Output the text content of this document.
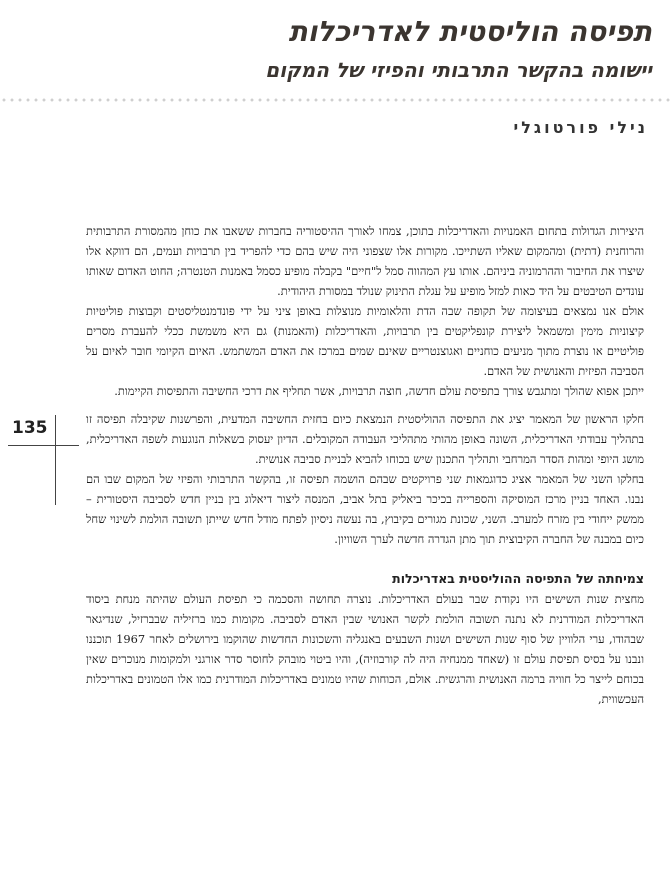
תפיסה הוליסטית לאדריכלות
יישומה בהקשר התרבותי והפיזי של המקום
נילי פורטוגלי
135

היצירות הגדולות בתחום האמנויות והאדריכלות בתוכן, צמחו לאורך ההיסטוריה בחברות ששאבו את כוחן מהמסורת התרבותית והרוחנית (דתית) ומהמקום שאליו השתייכו. מקורות אלו שצפוני היה שיש בהם כדי להפריד בין תרבויות ועמים, הם דווקא אלו שיצרו את החיבור וההרמוניה ביניהם. אותו עץ המהווה סמל ל"חיים" בקבלה מופיע כסמל באמנות הטנטרה; החוט האדום שאותו עונדים הטיבטים על היד כאות למזל מופיע על עגלת התינוק שנולד במסורת היהודית.

אולם אנו נמצאים בעיצומה של תקופה שבה הדת והלאומיות מנוצלות באופן ציני על ידי פונדמנטליסטים וקבוצות פוליטיות קיצוניות מימין ומשמאל ליצירת קונפליקטים בין תרבויות, והאדריכלות (והאמנות) גם היא משמשת ככלי להעברת מסרים פוליטיים או נוצרת מתוך מניעים כוחניים ואגוצנטריים שאינם שמים במרכז את האדם המשתמש. האיום הקיומי חובר לאיום על הסביבה הפיזית והאנושית של האדם.

ייתכן אפוא שהולך ומתגבש צורך בתפיסת עולם חדשה, חוצה תרבויות, אשר תחליף את דרכי החשיבה והתפיסות הקיימות.

חלקו הראשון של המאמר יציג את התפיסה ההוליסטית הנמצאת כיום בחזית החשיבה המדעית, והפרשנות שקיבלה תפיסה זו בתהליך עבודתי האדריכלית, השונה באופן מהותי מתהליכי העבודה המקובלים. הדיון יעסוק בשאלות הנוגעות לשפה האדריכלית, מושג היופי ומהות הסדר המרחבי ותהליך התכנון שיש בכוחו להביא לבניית סביבה אנושית.

בחלקו השני של המאמר אציג כדוגמאות שני פרויקטים שבהם הושמה תפיסה זו, בהקשר התרבותי והפיזי של המקום שבו הם נבנו. האחד בניין מרכז המוסיקה והספרייה בכיכר ביאליק בתל אביב, המנסה ליצור דיאלוג בין בניין חדש לסביבה היסטורית – ממשק ייחודי בין מזרח למערב. השני, שכונת מגורים בקיבוץ, בה נעשה ניסיון לפתח מודל חדש שייתן תשובה הולמת לשינוי שחל כיום במבנה של החברה הקיבוצית תוך מתן הגדרה חדשה לערך השוויון.

צמיחתה של התפיסה ההוליסטית באדריכלות

מחצית שנות השישים היו נקודת שבר בעולם האדריכלות. נוצרה תחושה והסכמה כי תפיסת העולם שהיתה מנחת ביסוד האדריכלות המודרנית לא נתנה תשובה הולמת לקשר האנושי שבין האדם לסביבה. מקומות כמו ברזיליה שבברזיל, שנדיגאר שבהודו, ערי הלוויין של סוף שנות השישים ושנות השבעים באנגליה והשכונות החדשות שהוקמו בירושלים לאחר 1967 תוכננו ונבנו על בסיס תפיסת עולם זו (שאחד ממנחיה היה לה קורבוזיה), והיו ביטוי מובהק לחוסר סדר אורגני ולמקומות מנוכרים שאין בכוחם לייצר כל חוויה ברמה האנושית והרגשית. אולם, הכוחות שהיו טמונים באדריכלות המודרנית כמו אלו הטמונים באדריכלות העכשווית,
